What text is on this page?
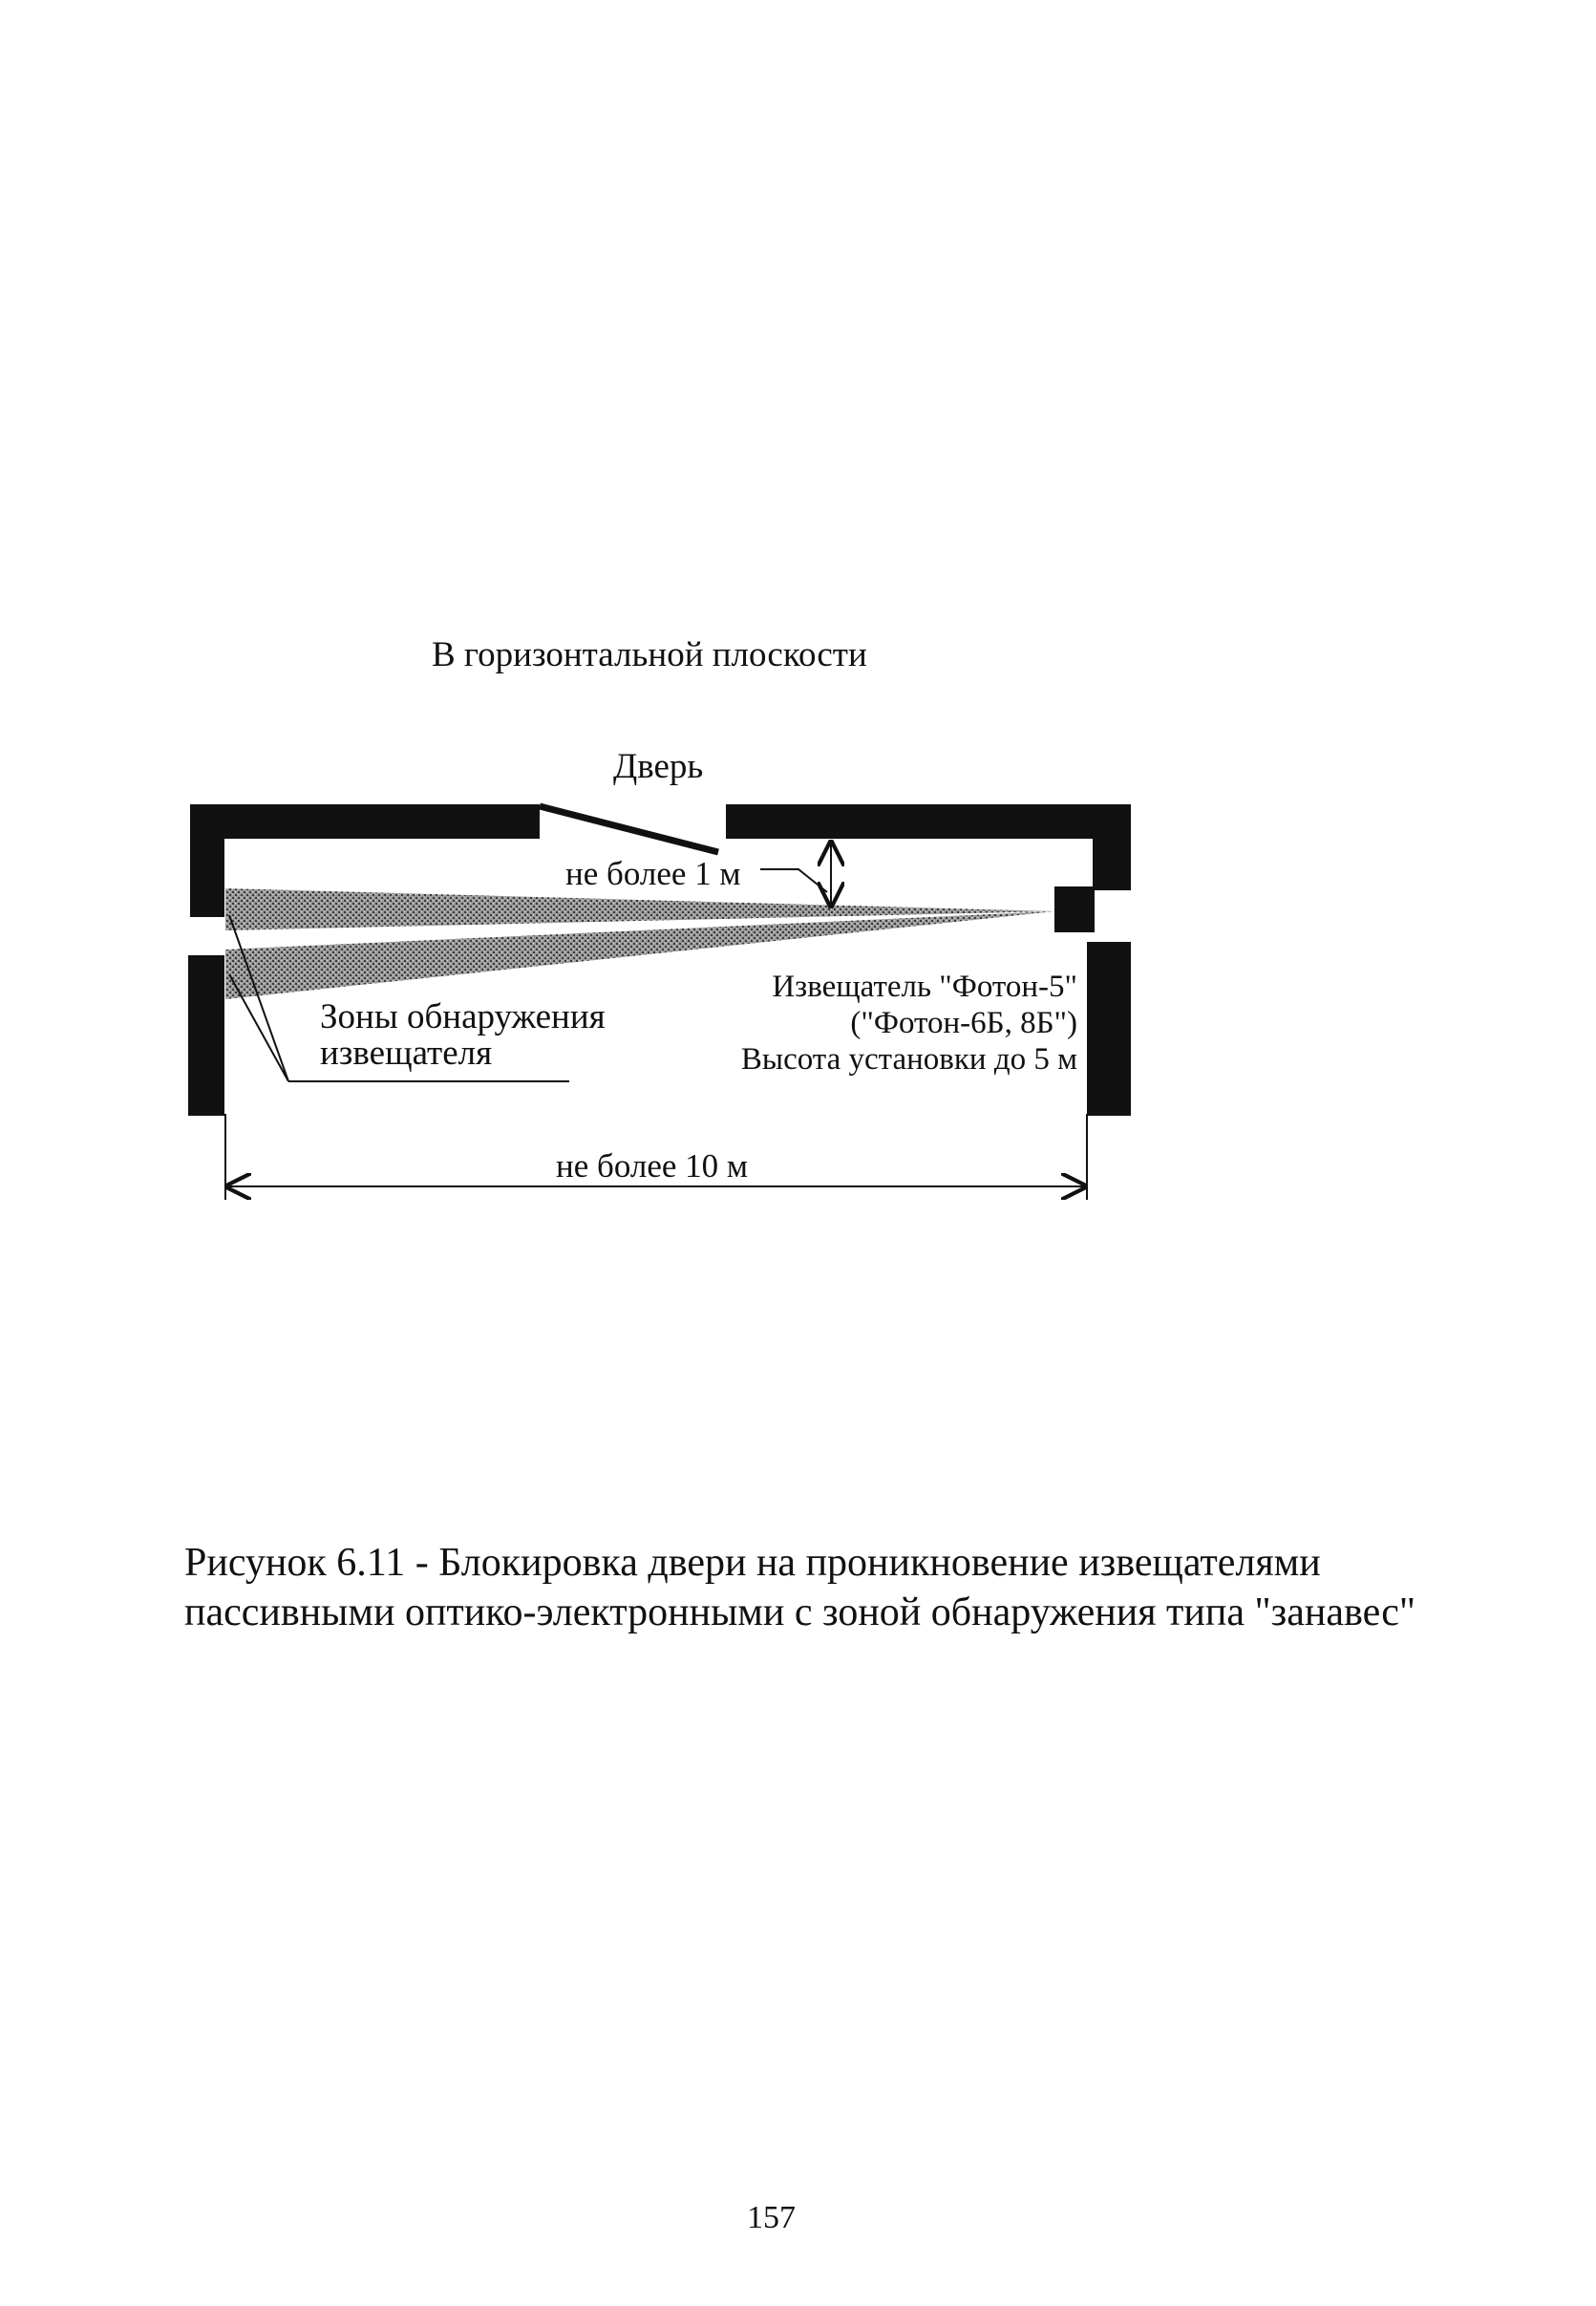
В горизонтальной плоскости
Дверь
не более 1 м
Зоны обнаружения
извещателя
Извещатель "Фотон-5"
("Фотон-6Б, 8Б")
Высота установки до 5 м
не более 10 м
Рисунок 6.11 - Блокировка двери на проникновение извещателями
пассивными оптико-электронными с зоной обнаружения типа "занавес"
157
